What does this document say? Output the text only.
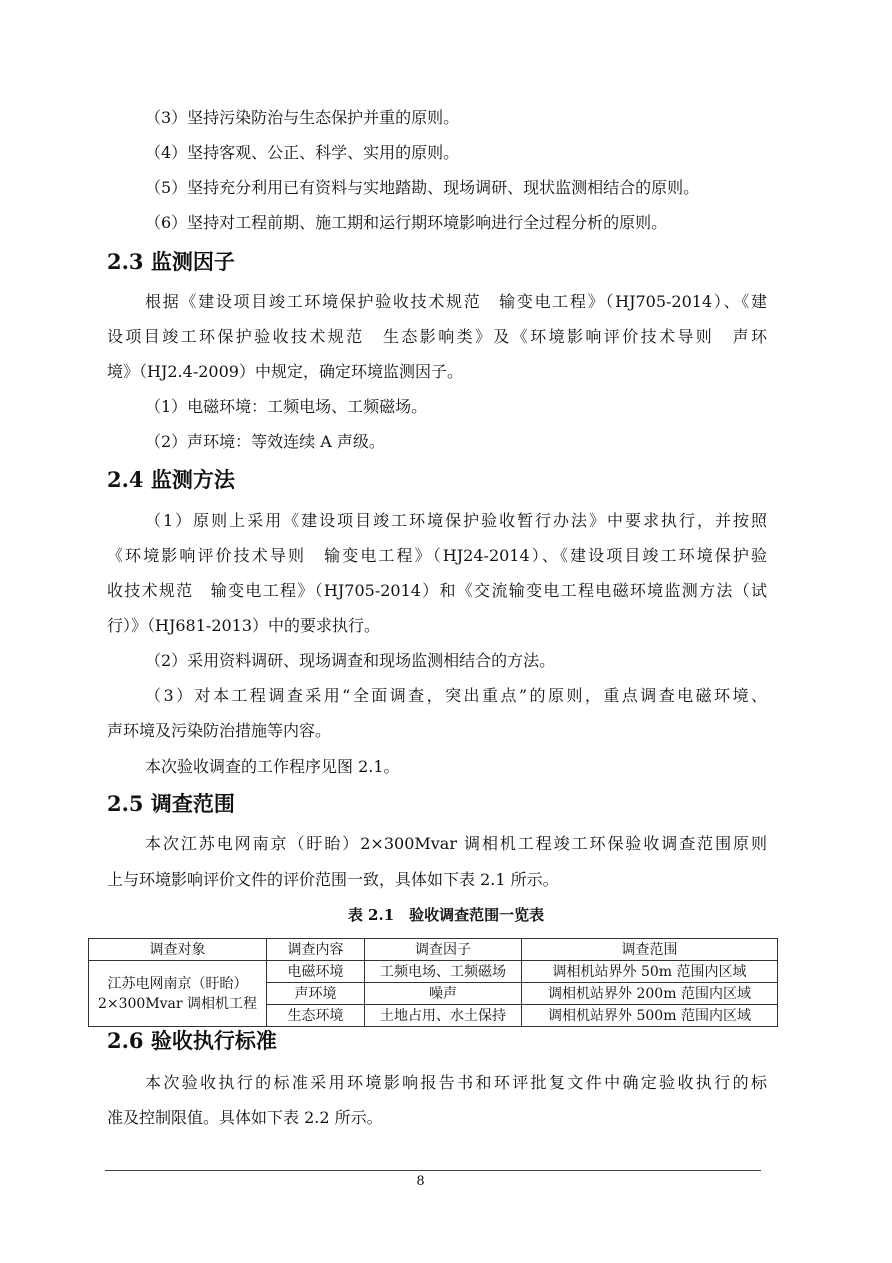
（3）坚持污染防治与生态保护并重的原则。
（4）坚持客观、公正、科学、实用的原则。
（5）坚持充分利用已有资料与实地踏勘、现场调研、现状监测相结合的原则。
（6）坚持对工程前期、施工期和运行期环境影响进行全过程分析的原则。
2.3 监测因子
根据《建设项目竣工环境保护验收技术规范　输变电工程》（HJ705-2014）、《建
设项目竣工环保护验收技术规范　生态影响类》及《环境影响评价技术导则　声环
境》（HJ2.4-2009）中规定，确定环境监测因子。
（1）电磁环境：工频电场、工频磁场。
（2）声环境：等效连续 A 声级。
2.4 监测方法
（1）原则上采用《建设项目竣工环境保护验收暂行办法》中要求执行，并按照
《环境影响评价技术导则　输变电工程》（HJ24-2014）、《建设项目竣工环境保护验
收技术规范　输变电工程》（HJ705-2014）和《交流输变电工程电磁环境监测方法（试
行）》（HJ681-2013）中的要求执行。
（2）采用资料调研、现场调查和现场监测相结合的方法。
（3）对本工程调查采用“全面调查，突出重点”的原则，重点调查电磁环境、
声环境及污染防治措施等内容。
本次验收调查的工作程序见图 2.1。
2.5 调查范围
本次江苏电网南京（盱眙）2×300Mvar 调相机工程竣工环保验收调查范围原则
上与环境影响评价文件的评价范围一致，具体如下表 2.1 所示。
表 2.1　验收调查范围一览表
调查对象	调查内容	调查因子	调查范围

江苏电网南京（盱眙）
2×300Mvar 调相机工程	电磁环境	工频电场、工频磁场	调相机站界外 50m 范围内区域
	声环境	噪声	调相机站界外 200m 范围内区域
	生态环境	土地占用、水土保持	调相机站界外 500m 范围内区域
2.6 验收执行标准
本次验收执行的标准采用环境影响报告书和环评批复文件中确定验收执行的标
准及控制限值。具体如下表 2.2 所示。
8
